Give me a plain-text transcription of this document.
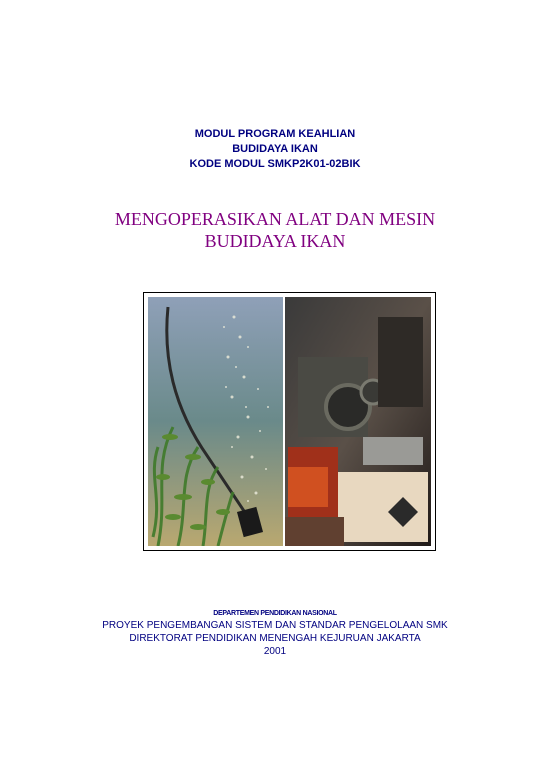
MODUL PROGRAM KEAHLIAN
BUDIDAYA IKAN
KODE MODUL SMKP2K01-02BIK
MENGOPERASIKAN ALAT DAN MESIN
BUDIDAYA IKAN
DEPARTEMEN PENDIDIKAN NASIONAL
PROYEK PENGEMBANGAN SISTEM DAN STANDAR PENGELOLAAN SMK
DIREKTORAT PENDIDIKAN MENENGAH KEJURUAN JAKARTA
2001
